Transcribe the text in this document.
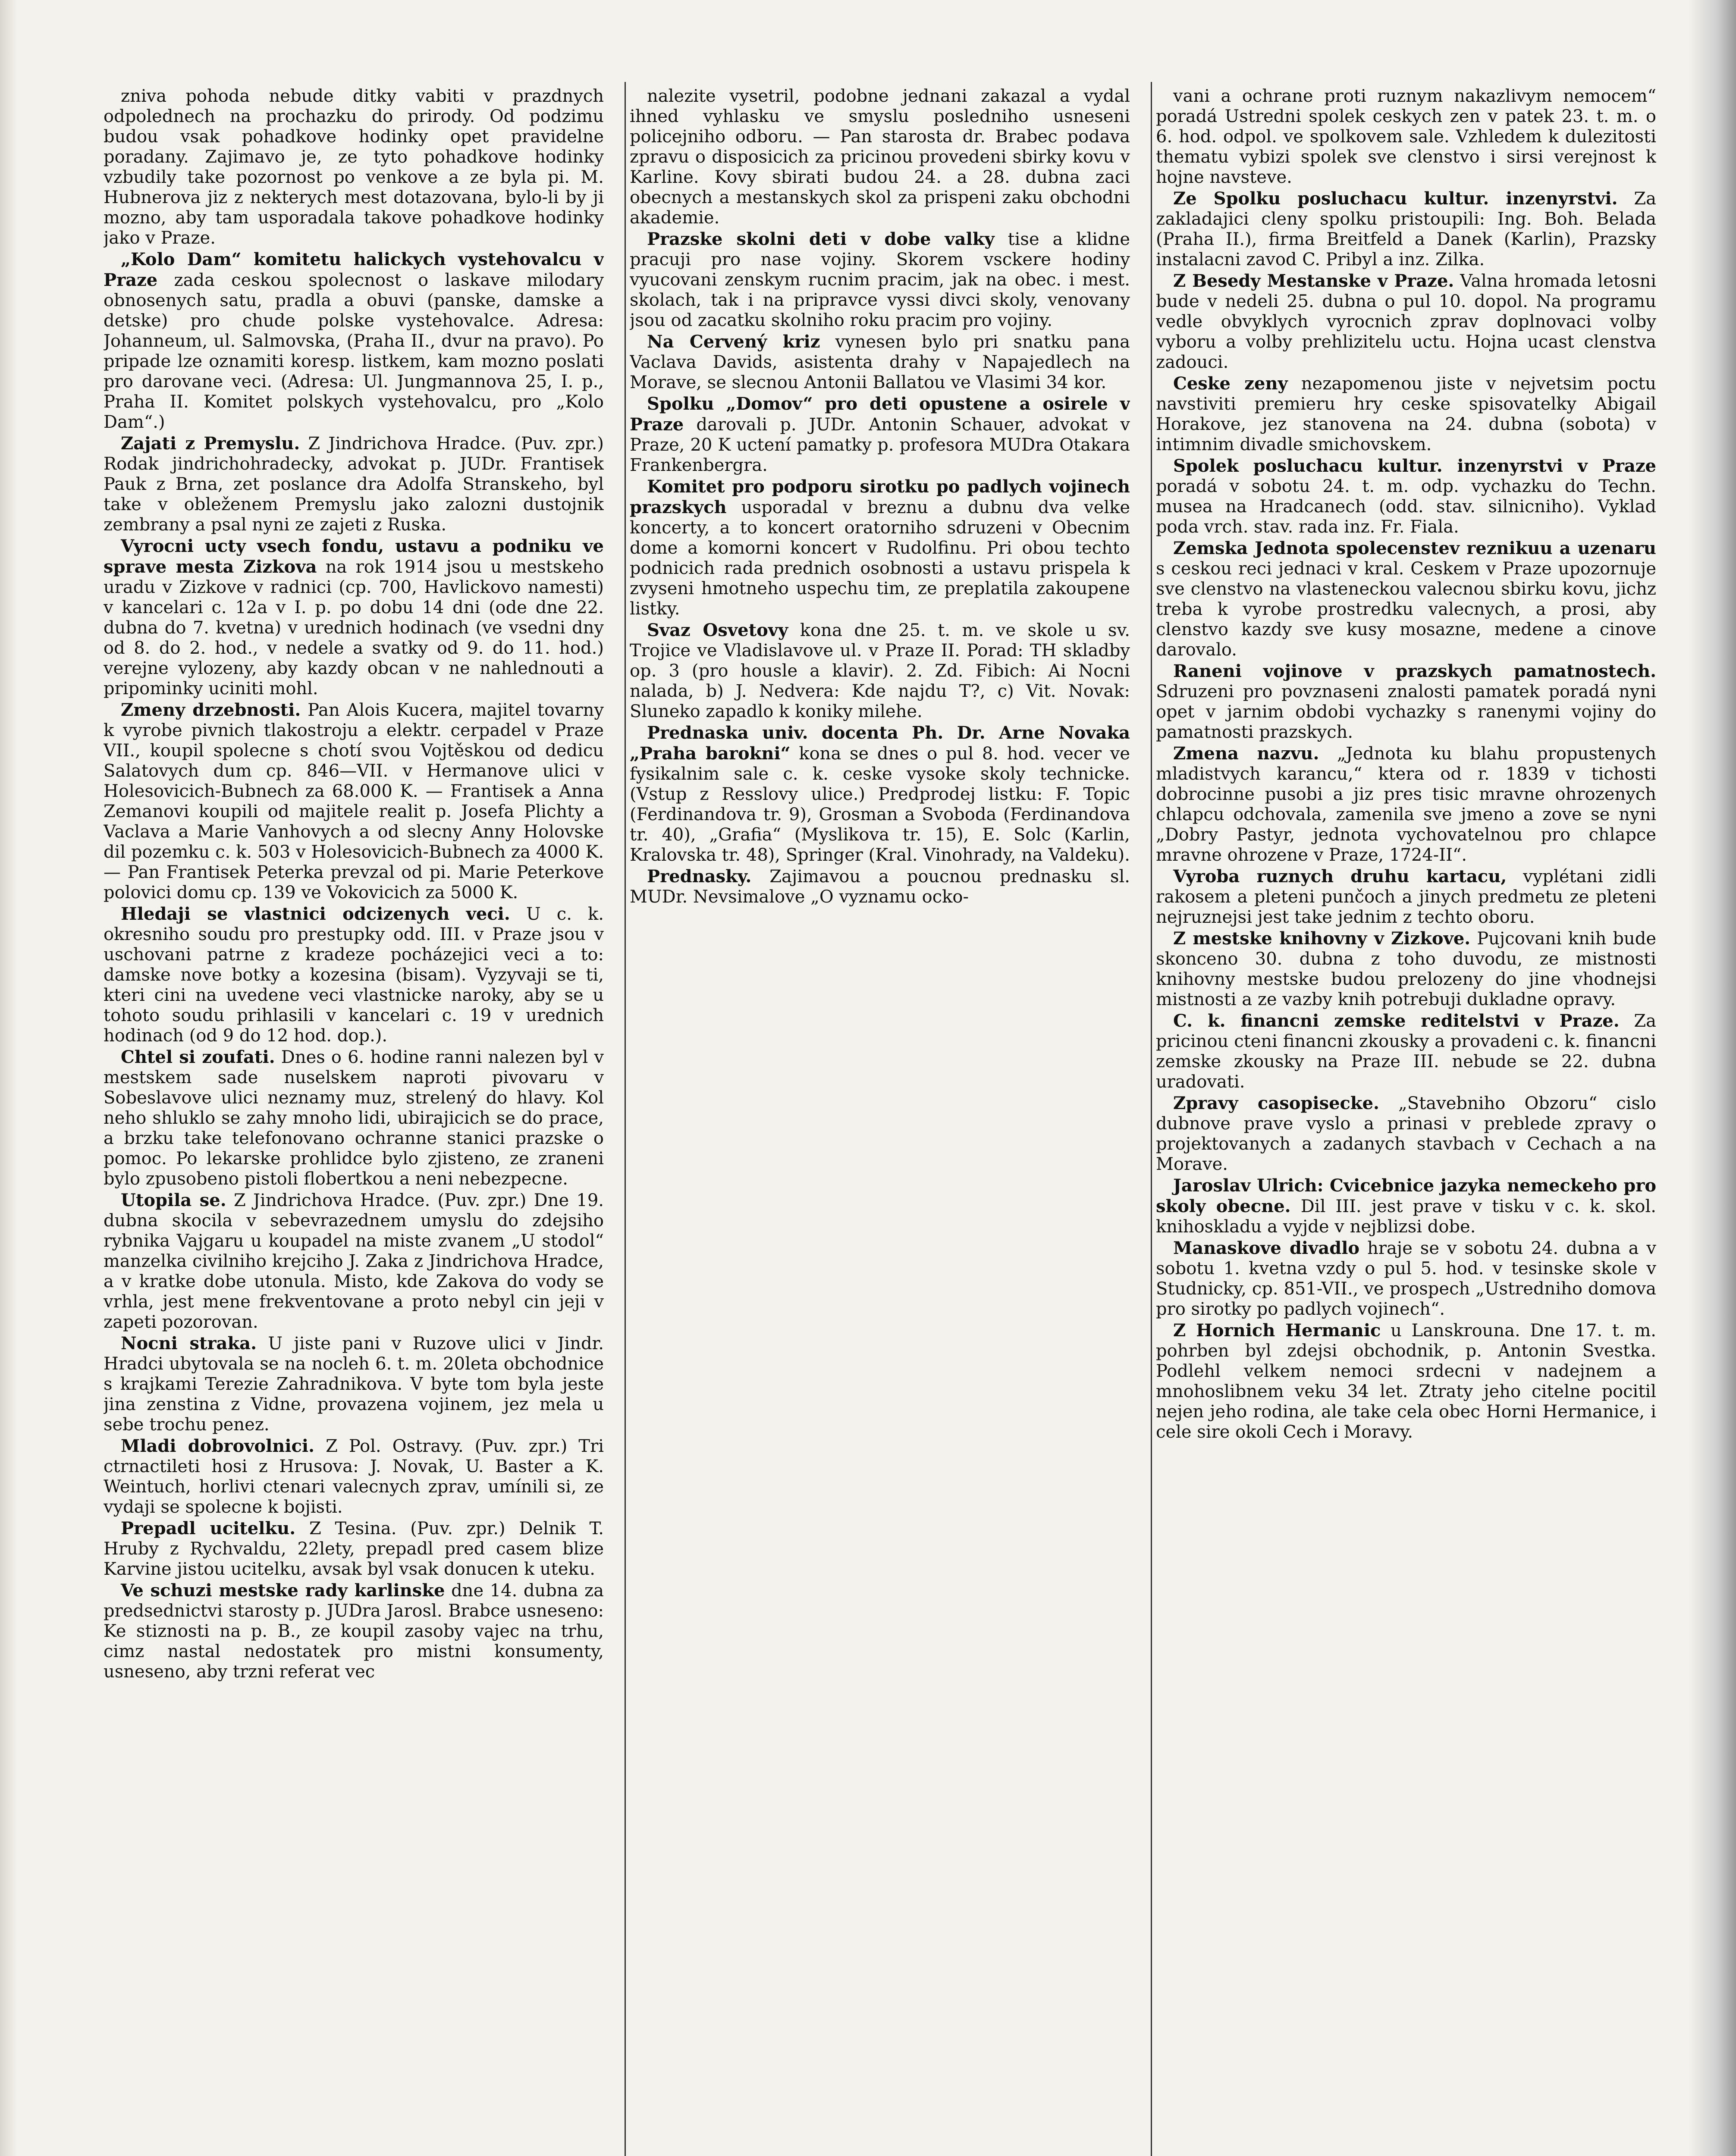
zniva pohoda nebude ditky vabiti v prazdnych odpolednech na prochazku do prirody. Od podzimu budou vsak pohadkove hodinky opet pravidelne poradany. Zajimavo je, ze tyto pohadkove hodinky vzbudily take pozornost po venkove a ze byla pi. M. Hubnerova jiz z nekterych mest dotazovana, bylo-li by ji mozno, aby tam usporadala takove pohadkove hodinky jako v Praze.

„Kolo Dam“ komitetu halickych vystehovalcu v Praze zada ceskou spolecnost o laskave milodary obnosenych satu, pradla a obuvi (panske, damske a detske) pro chude polske vystehovalce. Adresa: Johanneum, ul. Salmovska, (Praha II., dvur na pravo). Po pripade lze oznamiti koresp. listkem, kam mozno poslati pro darovane veci. (Adresa: Ul. Jungmannova 25, I. p., Praha II. Komitet polskych vystehovalcu, pro „Kolo Dam“.)

Zajati z Premyslu. Z Jindrichova Hradce. (Puv. zpr.) Rodak jindrichohradecky, advokat p. JUDr. Frantisek Pauk z Brna, zet poslance dra Adolfa Stranskeho, byl take v obleženem Premyslu jako zalozni dustojnik zembrany a psal nyni ze zajeti z Ruska.

Vyrocni ucty vsech fondu, ustavu a podniku ve sprave mesta Zizkova na rok 1914 jsou u mestskeho uradu v Zizkove v radnici (cp. 700, Havlickovo namesti) v kancelari c. 12a v I. p. po dobu 14 dni (ode dne 22. dubna do 7. kvetna) v urednich hodinach (ve vsedni dny od 8. do 2. hod., v nedele a svatky od 9. do 11. hod.) verejne vylozeny, aby kazdy obcan v ne nahlednouti a pripominky uciniti mohl.

Zmeny drzebnosti. Pan Alois Kucera, majitel tovarny k vyrobe pivnich tlakostroju a elektr. cerpadel v Praze VII., koupil spolecne s chotí svou Vojtěskou od dedicu Salatovych dum cp. 846—VII. v Hermanove ulici v Holesovicich-Bubnech za 68.000 K. — Frantisek a Anna Zemanovi koupili od majitele realit p. Josefa Plichty a Vaclava a Marie Vanhovych a od slecny Anny Holovske dil pozemku c. k. 503 v Holesovicich-Bubnech za 4000 K. — Pan Frantisek Peterka prevzal od pi. Marie Peterkove polovici domu cp. 139 ve Vokovicich za 5000 K.

Hledaji se vlastnici odcizenych veci. U c. k. okresniho soudu pro prestupky odd. III. v Praze jsou v uschovani patrne z kradeze pocházejici veci a to: damske nove botky a kozesina (bisam). Vyzyvaji se ti, kteri cini na uvedene veci vlastnicke naroky, aby se u tohoto soudu prihlasili v kancelari c. 19 v urednich hodinach (od 9 do 12 hod. dop.).

Chtel si zoufati. Dnes o 6. hodine ranni nalezen byl v mestskem sade nuselskem naproti pivovaru v Sobeslavove ulici neznamy muz, strelený do hlavy. Kol neho shluklo se zahy mnoho lidi, ubirajicich se do prace, a brzku take telefonovano ochranne stanici prazske o pomoc. Po lekarske prohlidce bylo zjisteno, ze zraneni bylo zpusobeno pistoli flobertkou a neni nebezpecne.

Utopila se. Z Jindrichova Hradce. (Puv. zpr.) Dne 19. dubna skocila v sebevrazednem umyslu do zdejsiho rybnika Vajgaru u koupadel na miste zvanem „U stodol“ manzelka civilniho krejciho J. Zaka z Jindrichova Hradce, a v kratke dobe utonula. Misto, kde Zakova do vody se vrhla, jest mene frekventovane a proto nebyl cin jeji v zapeti pozorovan.

Nocni straka. U jiste pani v Ruzove ulici v Jindr. Hradci ubytovala se na nocleh 6. t. m. 20leta obchodnice s krajkami Terezie Zahradnikova. V byte tom byla jeste jina zenstina z Vidne, provazena vojinem, jez mela u sebe trochu penez.

Mladi dobrovolnici. Z Pol. Ostravy. (Puv. zpr.) Tri ctrnactileti hosi z Hrusova: J. Novak, U. Baster a K. Weintuch, horlivi ctenari valecnych zprav, umínili si, ze vydaji se spolecne k bojisti.

Prepadl ucitelku. Z Tesina. (Puv. zpr.) Delnik T. Hruby z Rychvaldu, 22lety, prepadl pred casem blize Karvine jistou ucitelku, avsak byl vsak donucen k uteku.

Ve schuzi mestske rady karlinske dne 14. dubna za predsednictvi starosty p. JUDra Jarosl. Brabce usneseno: Ke stiznosti na p. B., ze koupil zasoby vajec na trhu, cimz nastal nedostatek pro mistni konsumenty, usneseno, aby trzni referat vec

nalezite vysetril, podobne jednani zakazal a vydal ihned vyhlasku ve smyslu posledniho usneseni policejniho odboru. — Pan starosta dr. Brabec podava zpravu o disposicich za pricinou provedeni sbirky kovu v Karline. Kovy sbirati budou 24. a 28. dubna zaci obecnych a mestanskych skol za prispeni zaku obchodni akademie.

Prazske skolni deti v dobe valky tise a klidne pracuji pro nase vojiny. Skorem vsckere hodiny vyucovani zenskym rucnim pracim, jak na obec. i mest. skolach, tak i na pripravce vyssi divci skoly, venovany jsou od zacatku skolniho roku pracim pro vojiny.

Na Cervený kriz vynesen bylo pri snatku pana Vaclava Davids, asistenta drahy v Napajedlech na Morave, se slecnou Antonii Ballatou ve Vlasimi 34 kor.

Spolku „Domov“ pro deti opustene a osirele v Praze darovali p. JUDr. Antonin Schauer, advokat v Praze, 20 K uctení pamatky p. profesora MUDra Otakara Frankenbergra.

Komitet pro podporu sirotku po padlych vojinech prazskych usporadal v breznu a dubnu dva velke koncerty, a to koncert oratorniho sdruzeni v Obecnim dome a komorni koncert v Rudolfinu. Pri obou techto podnicich rada prednich osobnosti a ustavu prispela k zvyseni hmotneho uspechu tim, ze preplatila zakoupene listky.

Svaz Osvetovy kona dne 25. t. m. ve skole u sv. Trojice ve Vladislavove ul. v Praze II. Porad: TH skladby op. 3 (pro housle a klavir). 2. Zd. Fibich: Ai Nocni nalada, b) J. Nedvera: Kde najdu T?, c) Vit. Novak: Sluneko zapadlo k koniky milehe.

Prednaska univ. docenta Ph. Dr. Arne Novaka „Praha barokni“ kona se dnes o pul 8. hod. vecer ve fysikalnim sale c. k. ceske vysoke skoly technicke. (Vstup z Resslovy ulice.) Predprodej listku: F. Topic (Ferdinandova tr. 9), Grosman a Svoboda (Ferdinandova tr. 40), „Grafia“ (Myslikova tr. 15), E. Solc (Karlin, Kralovska tr. 48), Springer (Kral. Vinohrady, na Valdeku).

Prednasky. Zajimavou a poucnou prednasku sl. MUDr. Nevsimalove „O vyznamu ocko-

vani a ochrane proti ruznym nakazlivym nemocem“ poradá Ustredni spolek ceskych zen v patek 23. t. m. o 6. hod. odpol. ve spolkovem sale. Vzhledem k dulezitosti thematu vybizi spolek sve clenstvo i sirsi verejnost k hojne navsteve.

Ze Spolku posluchacu kultur. inzenyrstvi. Za zakladajici cleny spolku pristoupili: Ing. Boh. Belada (Praha II.), firma Breitfeld a Danek (Karlin), Prazsky instalacni zavod C. Pribyl a inz. Zilka.

Z Besedy Mestanske v Praze. Valna hromada letosni bude v nedeli 25. dubna o pul 10. dopol. Na programu vedle obvyklych vyrocnich zprav doplnovaci volby vyboru a volby prehlizitelu uctu. Hojna ucast clenstva zadouci.

Ceske zeny nezapomenou jiste v nejvetsim poctu navstiviti premieru hry ceske spisovatelky Abigail Horakove, jez stanovena na 24. dubna (sobota) v intimnim divadle smichovskem.

Spolek posluchacu kultur. inzenyrstvi v Praze poradá v sobotu 24. t. m. odp. vychazku do Techn. musea na Hradcanech (odd. stav. silnicniho). Vyklad poda vrch. stav. rada inz. Fr. Fiala.

Zemska Jednota spolecenstev reznikuu a uzenaru s ceskou reci jednaci v kral. Ceskem v Praze upozornuje sve clenstvo na vlasteneckou valecnou sbirku kovu, jichz treba k vyrobe prostredku valecnych, a prosi, aby clenstvo kazdy sve kusy mosazne, medene a cinove darovalo.

Raneni vojinove v prazskych pamatnostech. Sdruzeni pro povznaseni znalosti pamatek poradá nyni opet v jarnim obdobi vychazky s ranenymi vojiny do pamatnosti prazskych.

Zmena nazvu. „Jednota ku blahu propustenych mladistvych karancu,“ ktera od r. 1839 v tichosti dobrocinne pusobi a jiz pres tisic mravne ohrozenych chlapcu odchovala, zamenila sve jmeno a zove se nyni „Dobry Pastyr, jednota vychovatelnou pro chlapce mravne ohrozene v Praze, 1724-II“.

Vyroba ruznych druhu kartacu, vyplétani zidli rakosem a pleteni punčoch a jinych predmetu ze pleteni nejruznejsi jest take jednim z techto oboru.

Z mestske knihovny v Zizkove. Pujcovani knih bude skonceno 30. dubna z toho duvodu, ze mistnosti knihovny mestske budou prelozeny do jine vhodnejsi mistnosti a ze vazby knih potrebuji dukladne opravy.

C. k. financni zemske reditelstvi v Praze. Za pricinou cteni financni zkousky a provadeni c. k. financni zemske zkousky na Praze III. nebude se 22. dubna uradovati.

Zpravy casopisecke. „Stavebniho Obzoru“ cislo dubnove prave vyslo a prinasi v preblede zpravy o projektovanych a zadanych stavbach v Cechach a na Morave.

Jaroslav Ulrich: Cvicebnice jazyka nemeckeho pro skoly obecne. Dil III. jest prave v tisku v c. k. skol. knihoskladu a vyjde v nejblizsi dobe.

Manaskove divadlo hraje se v sobotu 24. dubna a v sobotu 1. kvetna vzdy o pul 5. hod. v tesinske skole v Studnicky, cp. 851-VII., ve prospech „Ustredniho domova pro sirotky po padlych vojinech“.

Z Hornich Hermanic u Lanskrouna. Dne 17. t. m. pohrben byl zdejsi obchodnik, p. Antonin Svestka. Podlehl velkem nemoci srdecni v nadejnem a mnohoslibnem veku 34 let. Ztraty jeho citelne pocitil nejen jeho rodina, ale take cela obec Horni Hermanice, i cele sire okoli Cech i Moravy.
